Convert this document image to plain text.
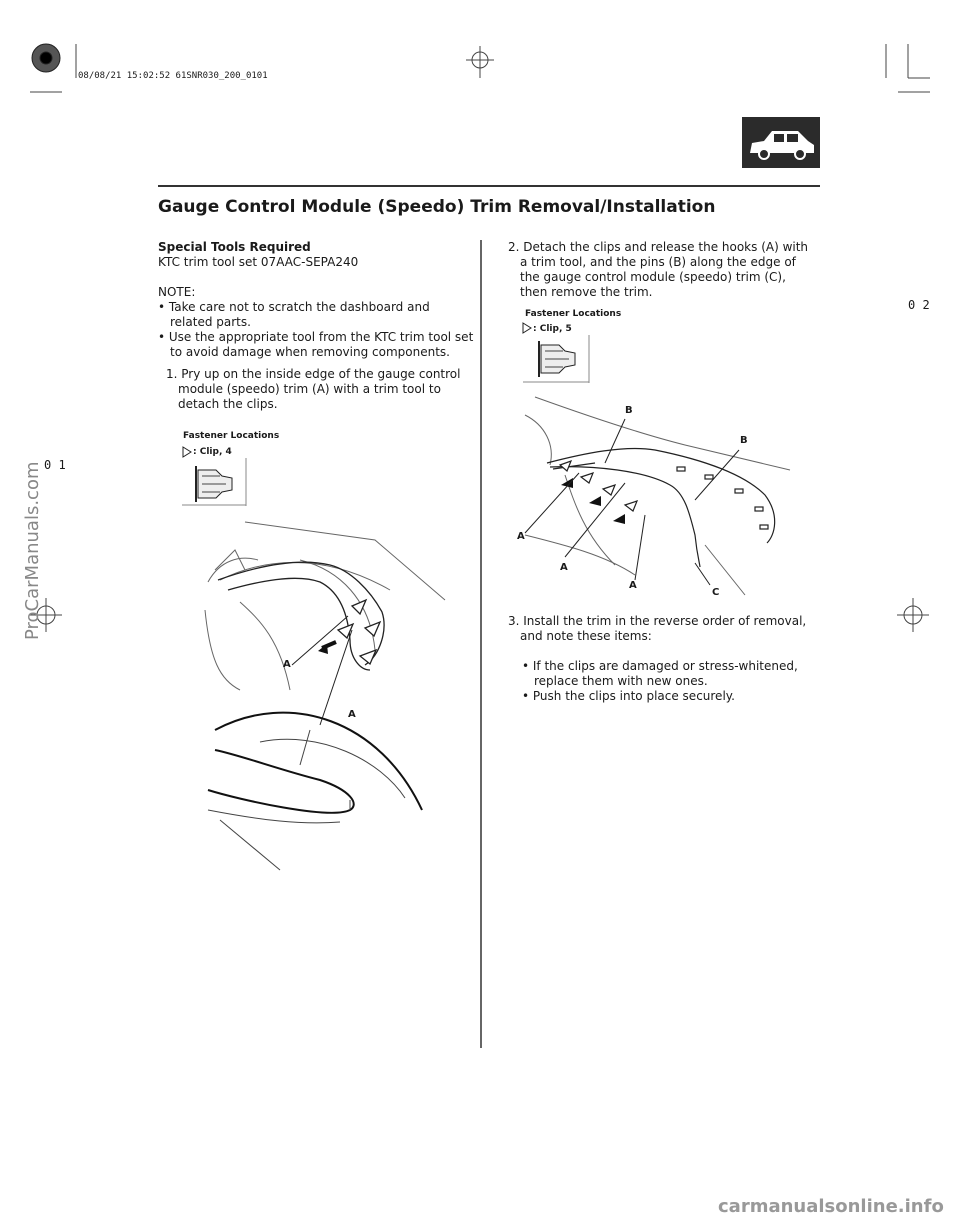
08/08/21 15:02:52 61SNR030_200_0101
Gauge Control Module (Speedo) Trim Removal/Installation
0 2
0 1
Special Tools Required
KTC trim tool set 07AAC-SEPA240
NOTE:
• Take care not to scratch the dashboard and related parts.
• Use the appropriate tool from the KTC trim tool set to avoid damage when removing components.
1. Pry up on the inside edge of the gauge control module (speedo) trim (A) with a trim tool to detach the clips.
Fastener Locations
: Clip, 4
A
A
2. Detach the clips and release the hooks (A) with a trim tool, and the pins (B) along the edge of the gauge control module (speedo) trim (C), then remove the trim.
Fastener Locations
: Clip, 5
B
B
A
A
A
C
3. Install the trim in the reverse order of removal, and note these items:
• If the clips are damaged or stress-whitened, replace them with new ones.
• Push the clips into place securely.
ProCarManuals.com
carmanualsonline.info
